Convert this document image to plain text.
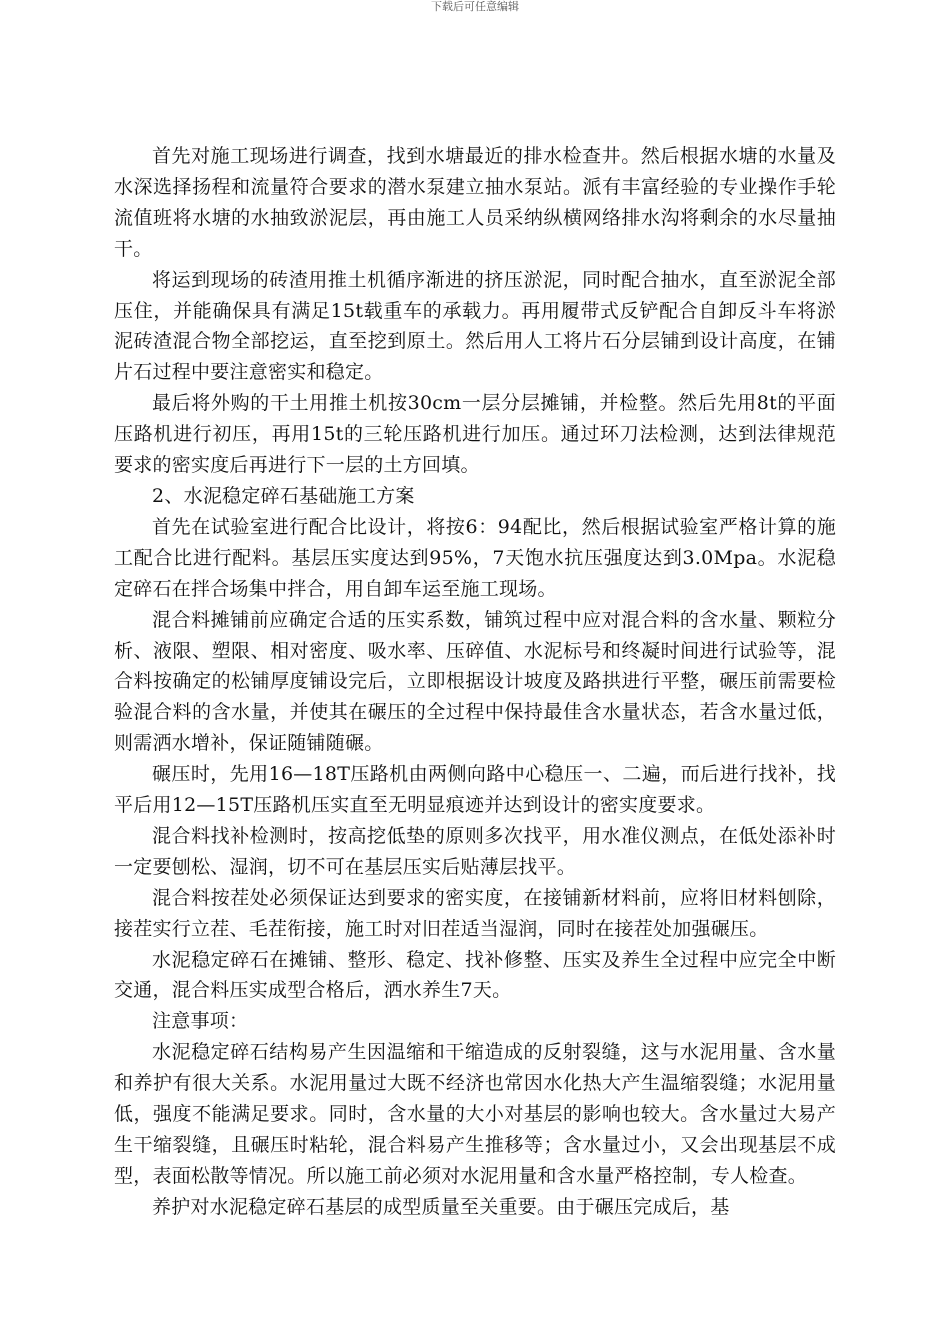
下载后可任意编辑

首先对施工现场进行调查，找到水塘最近的排水检查井。然后根据水塘的水量及水深选择扬程和流量符合要求的潜水泵建立抽水泵站。派有丰富经验的专业操作手轮流值班将水塘的水抽致淤泥层，再由施工人员采纳纵横网络排水沟将剩余的水尽量抽干。

将运到现场的砖渣用推土机循序渐进的挤压淤泥，同时配合抽水，直至淤泥全部压住，并能确保具有满足15t载重车的承载力。再用履带式反铲配合自卸反斗车将淤泥砖渣混合物全部挖运，直至挖到原土。然后用人工将片石分层铺到设计高度，在铺片石过程中要注意密实和稳定。

最后将外购的干土用推土机按30cm一层分层摊铺，并检整。然后先用8t的平面压路机进行初压，再用15t的三轮压路机进行加压。通过环刀法检测，达到法律规范要求的密实度后再进行下一层的土方回填。

2、水泥稳定碎石基础施工方案

首先在试验室进行配合比设计，将按6：94配比，然后根据试验室严格计算的施工配合比进行配料。基层压实度达到95%，7天饱水抗压强度达到3.0Mpa。水泥稳定碎石在拌合场集中拌合，用自卸车运至施工现场。

混合料摊铺前应确定合适的压实系数，铺筑过程中应对混合料的含水量、颗粒分析、液限、塑限、相对密度、吸水率、压碎值、水泥标号和终凝时间进行试验等，混合料按确定的松铺厚度铺设完后，立即根据设计坡度及路拱进行平整，碾压前需要检验混合料的含水量，并使其在碾压的全过程中保持最佳含水量状态，若含水量过低，则需洒水增补，保证随铺随碾。

碾压时，先用16—18T压路机由两侧向路中心稳压一、二遍，而后进行找补，找平后用12—15T压路机压实直至无明显痕迹并达到设计的密实度要求。

混合料找补检测时，按高挖低垫的原则多次找平，用水准仪测点，在低处添补时一定要刨松、湿润，切不可在基层压实后贴薄层找平。

混合料按茬处必须保证达到要求的密实度，在接铺新材料前，应将旧材料刨除，接茬实行立茬、毛茬衔接，施工时对旧茬适当湿润，同时在接茬处加强碾压。

水泥稳定碎石在摊铺、整形、稳定、找补修整、压实及养生全过程中应完全中断交通，混合料压实成型合格后，洒水养生7天。

注意事项：

水泥稳定碎石结构易产生因温缩和干缩造成的反射裂缝，这与水泥用量、含水量和养护有很大关系。水泥用量过大既不经济也常因水化热大产生温缩裂缝；水泥用量低，强度不能满足要求。同时，含水量的大小对基层的影响也较大。含水量过大易产生干缩裂缝，且碾压时粘轮，混合料易产生推移等；含水量过小，又会出现基层不成型，表面松散等情况。所以施工前必须对水泥用量和含水量严格控制，专人检查。

养护对水泥稳定碎石基层的成型质量至关重要。由于碾压完成后，基
